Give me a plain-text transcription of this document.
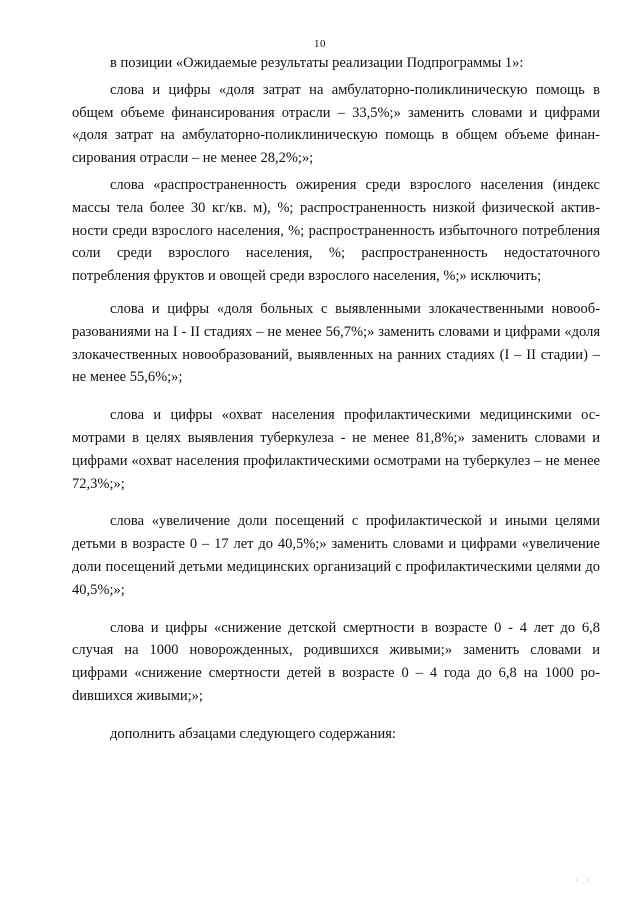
10

в позиции «Ожидаемые результаты реализации Подпрограммы 1»:

слова и цифры «доля затрат на амбулаторно-поликлиническую помощь в общем объеме финансирования отрасли – 33,5%;» заменить словами и цифрами «доля затрат на амбулаторно-поликлиническую помощь в общем объеме финансирования отрасли – не менее 28,2%;»;

слова «распространенность ожирения среди взрослого населения (индекс массы тела более 30 кг/кв. м), %; распространенность низкой физической активности среди взрослого населения, %; распространенность избыточного потребления соли среди взрослого населения, %; распространенность недостаточного потребления фруктов и овощей среди взрослого населения, %;» исключить;

слова и цифры «доля больных с выявленными злокачественными новообразованиями на I - II стадиях – не менее 56,7%;» заменить словами и цифрами «доля злокачественных новообразований, выявленных на ранних стадиях (I – II стадии) – не менее 55,6%;»;

слова и цифры «охват населения профилактическими медицинскими осмотрами в целях выявления туберкулеза - не менее 81,8%;» заменить словами и цифрами «охват населения профилактическими осмотрами на туберкулез – не менее 72,3%;»;

слова «увеличение доли посещений с профилактической и иными целями детьми в возрасте 0 – 17 лет до 40,5%;» заменить словами и цифрами «увеличение доли посещений детьми медицинских организаций с профилактическими целями до 40,5%;»;

слова и цифры «снижение детской смертности в возрасте 0 - 4 лет до 6,8 случая на 1000 новорожденных, родившихся живыми;» заменить словами и цифрами «снижение смертности детей в возрасте 0 – 4 года до 6,8 на 1000 роdившихся живыми;»;

дополнить абзацами следующего содержания:

· ·
